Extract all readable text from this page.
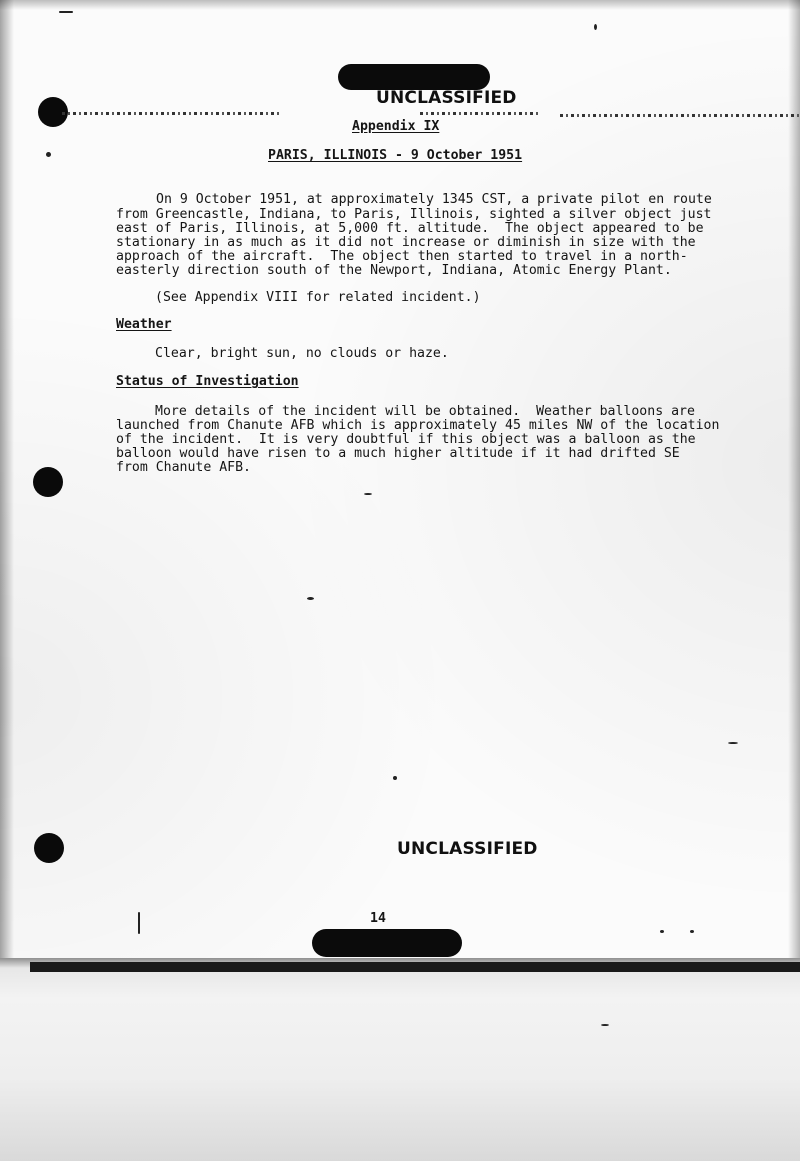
UNCLASSIFIED
Appendix IX
PARIS, ILLINOIS - 9 October 1951
On 9 October 1951, at approximately 1345 CST, a private pilot en route
from Greencastle, Indiana, to Paris, Illinois, sighted a silver object just
east of Paris, Illinois, at 5,000 ft. altitude.  The object appeared to be
stationary in as much as it did not increase or diminish in size with the
approach of the aircraft.  The object then started to travel in a north-
easterly direction south of the Newport, Indiana, Atomic Energy Plant.
(See Appendix VIII for related incident.)
Weather
Clear, bright sun, no clouds or haze.
Status of Investigation
More details of the incident will be obtained.  Weather balloons are
launched from Chanute AFB which is approximately 45 miles NW of the location
of the incident.  It is very doubtful if this object was a balloon as the
balloon would have risen to a much higher altitude if it had drifted SE
from Chanute AFB.
UNCLASSIFIED
14
